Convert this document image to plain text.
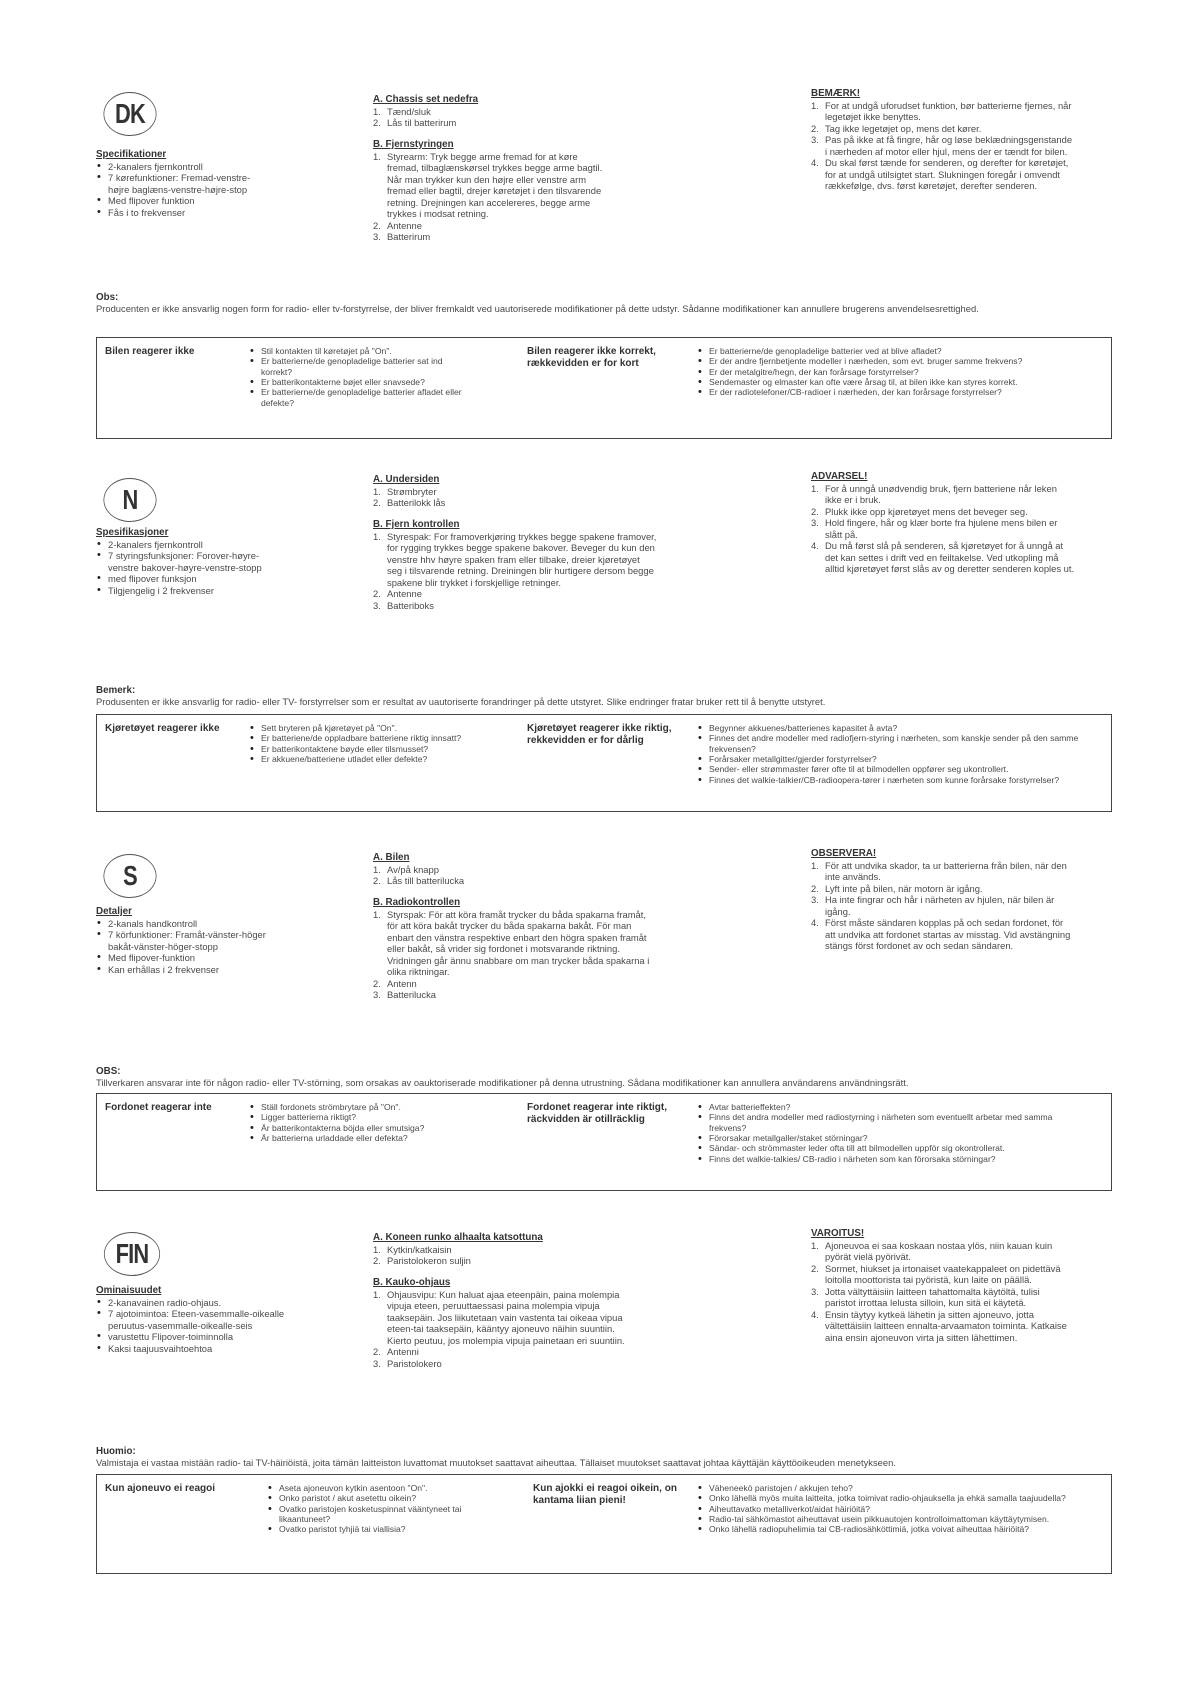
DK
Specifikationer
• 2-kanalers fjernkontroll
• 7 kørefunktioner: Fremad-venstre-højre baglæns-venstre-højre-stop
• Med flipover funktion
• Fås i to frekvenser
A. Chassis set nedefra
1. Tænd/sluk
2. Lås til batterirum
B. Fjernstyringen
1. Styrearm: Tryk begge arme fremad for at køre fremad, tilbaglænskørsel trykkes begge arme bagtil. Når man trykker kun den højre eller venstre arm fremad eller bagtil, drejer køretøjet i den tilsvarende retning. Drejningen kan accelereres, begge arme trykkes i modsat retning.
2. Antenne
3. Batterirum
BEMÆRK!
1. For at undgå uforudset funktion, bør batterierne fjernes, når legetøjet ikke benyttes.
2. Tag ikke legetøjet op, mens det kører.
3. Pas på ikke at få fingre, hår og løse beklædningsgenstande i nærheden af motor eller hjul, mens der er tændt for bilen.
4. Du skal først tænde for senderen, og derefter for køretøjet, for at undgå utilsigtet start. Slukningen foregår i omvendt rækkefølge, dvs. først køretøjet, derefter senderen.
Obs:
Producenten er ikke ansvarlig nogen form for radio- eller tv-forstyrrelse, der bliver fremkaldt ved uautoriserede modifikationer på dette udstyr. Sådanne modifikationer kan annullere brugerens anvendelsesrettighed.
Bilen reagerer ikke	• Stil kontakten til køretøjet på "On".
• Er batterierne/de genopladelige batterier sat ind korrekt?
• Er batterikontakterne bøjet eller snavsede?
• Er batterierne/de genopladelige batterier afladet eller defekte?
Bilen reagerer ikke korrekt, rækkevidden er for kort
• Er batterierne/de genopladelige batterier ved at blive afladet?
• Er der andre fjernbetjente modeller i nærheden, som evt. bruger samme frekvens?
• Er der metalgitre/hegn, der kan forårsage forstyrrelser?
• Sendemaster og elmaster kan ofte være årsag til, at bilen ikke kan styres korrekt.
• Er der radiotelefoner/CB-radioer i nærheden, der kan forårsage forstyrrelser?
N
Spesifikasjoner
• 2-kanalers fjernkontroll
• 7 styringsfunksjoner: Forover-høyre-venstre bakover-høyre-venstre-stopp
• med flipover funksjon
• Tilgjengelig i 2 frekvenser
A. Undersiden
1. Strømbryter
2. Batterilokk lås
B. Fjern kontrollen
1. Styrespak: For framoverkjøring trykkes begge spakene framover, for rygging trykkes begge spakene bakover. Beveger du kun den venstre hhv høyre spaken fram eller tilbake, dreier kjøretøyet seg i tilsvarende retning. Dreiningen blir hurtigere dersom begge spakene blir trykket i forskjellige retninger.
2. Antenne
3. Batteriboks
ADVARSEL!
1. For å unngå unødvendig bruk, fjern batteriene når leken ikke er i bruk.
2. Plukk ikke opp kjøretøyet mens det beveger seg.
3. Hold fingere, hår og klær borte fra hjulene mens bilen er slått på.
4. Du må først slå på senderen, så kjøretøyet for å unngå at det kan settes i drift ved en feiltakelse. Ved utkopling må alltid kjøretøyet først slås av og deretter senderen koples ut.
Bemerk:
Produsenten er ikke ansvarlig for radio- eller TV- forstyrrelser som er resultat av uautoriserte forandringer på dette utstyret. Slike endringer fratar bruker rett til å benytte utstyret.
Kjøretøyet reagerer ikke	• Sett bryteren på kjøretøyet på "On".
• Er batteriene/de oppladbare batteriene riktig innsatt?
• Er batterikontaktene bøyde eller tilsmusset?
• Er akkuene/batteriene utladet eller defekte?
Kjøretøyet reagerer ikke riktig, rekkevidden er for dårlig
• Begynner akkuenes/batterienes kapasitet å avta?
• Finnes det andre modeller med radiofjern-styring i nærheten, som kanskje sender på den samme frekvensen?
• Forårsaker metallgitter/gjerder forstyrrelser?
• Sender- eller strømmaster fører ofte til at bilmodellen oppfører seg ukontrollert.
• Finnes det walkie-talkier/CB-radioopera-tører i nærheten som kunne forårsake forstyrrelser?
S
Detaljer
• 2-kanals handkontroll
• 7 körfunktioner: Framåt-vänster-höger bakåt-vänster-höger-stopp
• Med flipover-funktion
• Kan erhållas i 2 frekvenser
A. Bilen
1. Av/på knapp
2. Lås till batterilucka
B. Radiokontrollen
1. Styrspak: För att köra framåt trycker du båda spakarna framåt, för att köra bakåt trycker du båda spakarna bakåt. För man enbart den vänstra respektive enbart den högra spaken framåt eller bakåt, så vrider sig fordonet i motsvarande riktning. Vridningen går ännu snabbare om man trycker båda spakarna i olika riktningar.
2. Antenn
3. Batterilucka
OBSERVERA!
1. För att undvika skador, ta ur batterierna från bilen, när den inte används.
2. Lyft inte på bilen, när motorn är igång.
3. Ha inte fingrar och hår i närheten av hjulen, när bilen är igång.
4. Först måste sändaren kopplas på och sedan fordonet, för att undvika att fordonet startas av misstag. Vid avstängning stängs först fordonet av och sedan sändaren.
OBS:
Tillverkaren ansvarar inte för någon radio- eller TV-störning, som orsakas av oauktoriserade modifikationer på denna utrustning. Sådana modifikationer kan annullera användarens användningsrätt.
Fordonet reagerar inte	• Ställ fordonets strömbrytare på "On".
• Ligger batterierna riktigt?
• Är batterikontakterna böjda eller smutsiga?
• Är batterierna urladdade eller defekta?
Fordonet reagerar inte riktigt, räckvidden är otillräcklig
• Avtar batterieffekten?
• Finns det andra modeller med radiostyrning i närheten som eventuellt arbetar med samma frekvens?
• Förorsakar metallgaller/staket störningar?
• Sändar- och strömmaster leder ofta till att bilmodellen uppför sig okontrollerat.
• Finns det walkie-talkies/ CB-radio i närheten som kan förorsaka störningar?
FIN
Ominaisuudet
• 2-kanavainen radio-ohjaus.
• 7 ajotoimintoa: Eteen-vasemmalle-oikealle peruutus-vasemmalle-oikealle-seis
• varustettu Flipover-toiminnolla
• Kaksi taajuusvaihtoehtoa
A. Koneen runko alhaalta katsottuna
1. Kytkin/katkaisin
2. Paristolokeron suljin
B. Kauko-ohjaus
1. Ohjausvipu: Kun haluat ajaa eteenpäin, paina molempia vipuja eteen, peruuttaessasi paina molempia vipuja taaksepäin. Jos liikutetaan vain vastenta tai oikeaa vipua eteen-tai taaksepäin, kääntyy ajoneuvo näihin suuntiin. Kierto peutuu, jos molempia vipuja painetaan eri suuntiin.
2. Antenni
3. Paristolokero
VAROITUS!
1. Ajoneuvoa ei saa koskaan nostaa ylös, niin kauan kuin pyörät vielä pyörivät.
2. Sormet, hiukset ja irtonaiset vaatekappaleet on pidettävä loitolla moottorista tai pyöristä, kun laite on päällä.
3. Jotta vältyttäisiin laitteen tahattomalta käytöltä, tulisi paristot irrottaa lelusta silloin, kun sitä ei käytetä.
4. Ensin täytyy kytkeä lähetin ja sitten ajoneuvo, jotta vältettäisiin laitteen ennalta-arvaamaton toiminta. Katkaise aina ensin ajoneuvon virta ja sitten lähettimen.
Huomio:
Valmistaja ei vastaa mistään radio- tai TV-häiriöistä, joita tämän laitteiston luvattomat muutokset saattavat aiheuttaa. Tällaiset muutokset saattavat johtaa käyttäjän käyttöoikeuden menetykseen.
Kun ajoneuvo ei reagoi	• Aseta ajoneuvon kytkin asentoon "On".
• Onko paristot / akut asetettu oikein?
• Ovatko paristojen kosketuspinnat vääntyneet tai likaantuneet?
• Ovatko paristot tyhjiä tai viallisia?
Kun ajokki ei reagoi oikein, on kantama liian pieni!
• Väheneekö paristojen / akkujen teho?
• Onko lähellä myös muita laitteita, jotka toimivat radio-ohjauksella ja ehkä samalla taajuudella?
• Aiheuttavatko metalliverkot/aidat häiriöitä?
• Radio-tai sähkömastot aiheuttavat usein pikkuautojen kontrolloimattoman käyttäytymisen.
• Onko lähellä radiopuhelimia tai CB-radiosähköttimiä, jotka voivat aiheuttaa häiriöitä?
